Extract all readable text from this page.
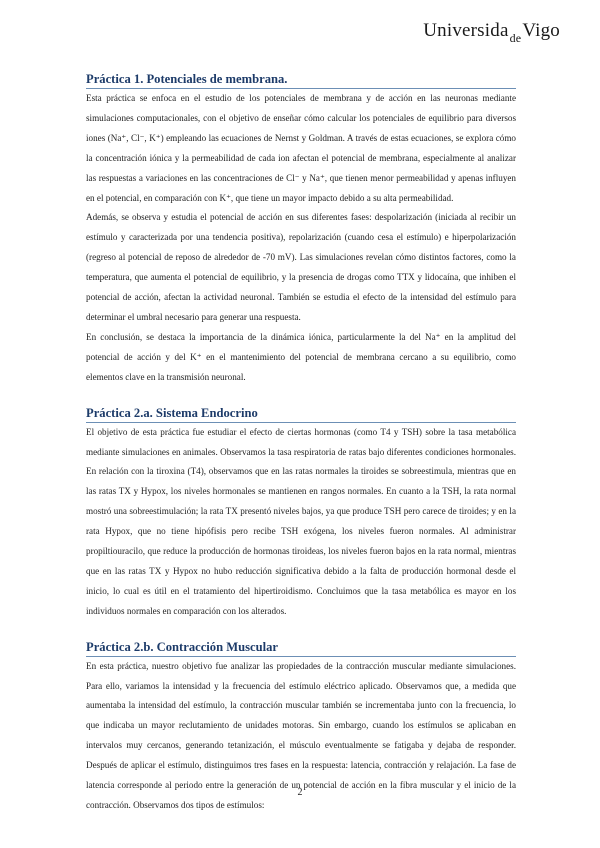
Universida$_{de}$Vigo
Práctica 1. Potenciales de membrana.

Esta práctica se enfoca en el estudio de los potenciales de membrana y de acción en las neuronas mediante simulaciones computacionales, con el objetivo de enseñar cómo calcular los potenciales de equilibrio para diversos iones (Na⁺, Cl⁻, K⁺) empleando las ecuaciones de Nernst y Goldman. A través de estas ecuaciones, se explora cómo la concentración iónica y la permeabilidad de cada ion afectan el potencial de membrana, especialmente al analizar las respuestas a variaciones en las concentraciones de Cl⁻ y Na⁺, que tienen menor permeabilidad y apenas influyen en el potencial, en comparación con K⁺, que tiene un mayor impacto debido a su alta permeabilidad.

Además, se observa y estudia el potencial de acción en sus diferentes fases: despolarización (iniciada al recibir un estímulo y caracterizada por una tendencia positiva), repolarización (cuando cesa el estímulo) e hiperpolarización (regreso al potencial de reposo de alrededor de -70 mV). Las simulaciones revelan cómo distintos factores, como la temperatura, que aumenta el potencial de equilibrio, y la presencia de drogas como TTX y lidocaína, que inhiben el potencial de acción, afectan la actividad neuronal. También se estudia el efecto de la intensidad del estímulo para determinar el umbral necesario para generar una respuesta.

En conclusión, se destaca la importancia de la dinámica iónica, particularmente la del Na⁺ en la amplitud del potencial de acción y del K⁺ en el mantenimiento del potencial de membrana cercano a su equilibrio, como elementos clave en la transmisión neuronal.

Práctica 2.a. Sistema Endocrino

El objetivo de esta práctica fue estudiar el efecto de ciertas hormonas (como T4 y TSH) sobre la tasa metabólica mediante simulaciones en animales. Observamos la tasa respiratoria de ratas bajo diferentes condiciones hormonales. En relación con la tiroxina (T4), observamos que en las ratas normales la tiroides se sobreestimula, mientras que en las ratas TX y Hypox, los niveles hormonales se mantienen en rangos normales. En cuanto a la TSH, la rata normal mostró una sobreestimulación; la rata TX presentó niveles bajos, ya que produce TSH pero carece de tiroides; y en la rata Hypox, que no tiene hipófisis pero recibe TSH exógena, los niveles fueron normales. Al administrar propiltiouracilo, que reduce la producción de hormonas tiroideas, los niveles fueron bajos en la rata normal, mientras que en las ratas TX y Hypox no hubo reducción significativa debido a la falta de producción hormonal desde el inicio, lo cual es útil en el tratamiento del hipertiroidismo. Concluimos que la tasa metabólica es mayor en los individuos normales en comparación con los alterados.

Práctica 2.b. Contracción Muscular

En esta práctica, nuestro objetivo fue analizar las propiedades de la contracción muscular mediante simulaciones. Para ello, variamos la intensidad y la frecuencia del estímulo eléctrico aplicado. Observamos que, a medida que aumentaba la intensidad del estímulo, la contracción muscular también se incrementaba junto con la frecuencia, lo que indicaba un mayor reclutamiento de unidades motoras. Sin embargo, cuando los estímulos se aplicaban en intervalos muy cercanos, generando tetanización, el músculo eventualmente se fatigaba y dejaba de responder. Después de aplicar el estímulo, distinguimos tres fases en la respuesta: latencia, contracción y relajación. La fase de latencia corresponde al periodo entre la generación de un potencial de acción en la fibra muscular y el inicio de la contracción. Observamos dos tipos de estímulos:

2
